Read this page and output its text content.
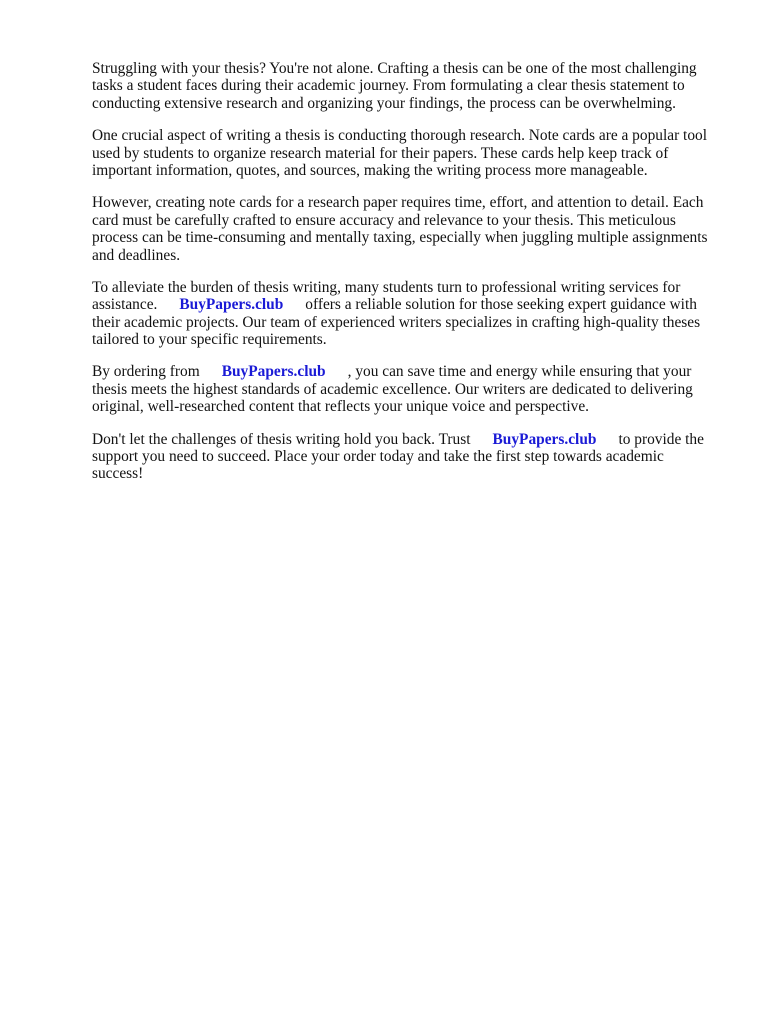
Struggling with your thesis? You're not alone. Crafting a thesis can be one of the most challenging
tasks a student faces during their academic journey. From formulating a clear thesis statement to
conducting extensive research and organizing your findings, the process can be overwhelming.

One crucial aspect of writing a thesis is conducting thorough research. Note cards are a popular tool
used by students to organize research material for their papers. These cards help keep track of
important information, quotes, and sources, making the writing process more manageable.

However, creating note cards for a research paper requires time, effort, and attention to detail. Each
card must be carefully crafted to ensure accuracy and relevance to your thesis. This meticulous
process can be time-consuming and mentally taxing, especially when juggling multiple assignments
and deadlines.

To alleviate the burden of thesis writing, many students turn to professional writing services for
assistance. BuyPapers.club offers a reliable solution for those seeking expert guidance with
their academic projects. Our team of experienced writers specializes in crafting high-quality theses
tailored to your specific requirements.

By ordering from BuyPapers.club , you can save time and energy while ensuring that your
thesis meets the highest standards of academic excellence. Our writers are dedicated to delivering
original, well-researched content that reflects your unique voice and perspective.

Don't let the challenges of thesis writing hold you back. Trust BuyPapers.club to provide the
support you need to succeed. Place your order today and take the first step towards academic
success!
